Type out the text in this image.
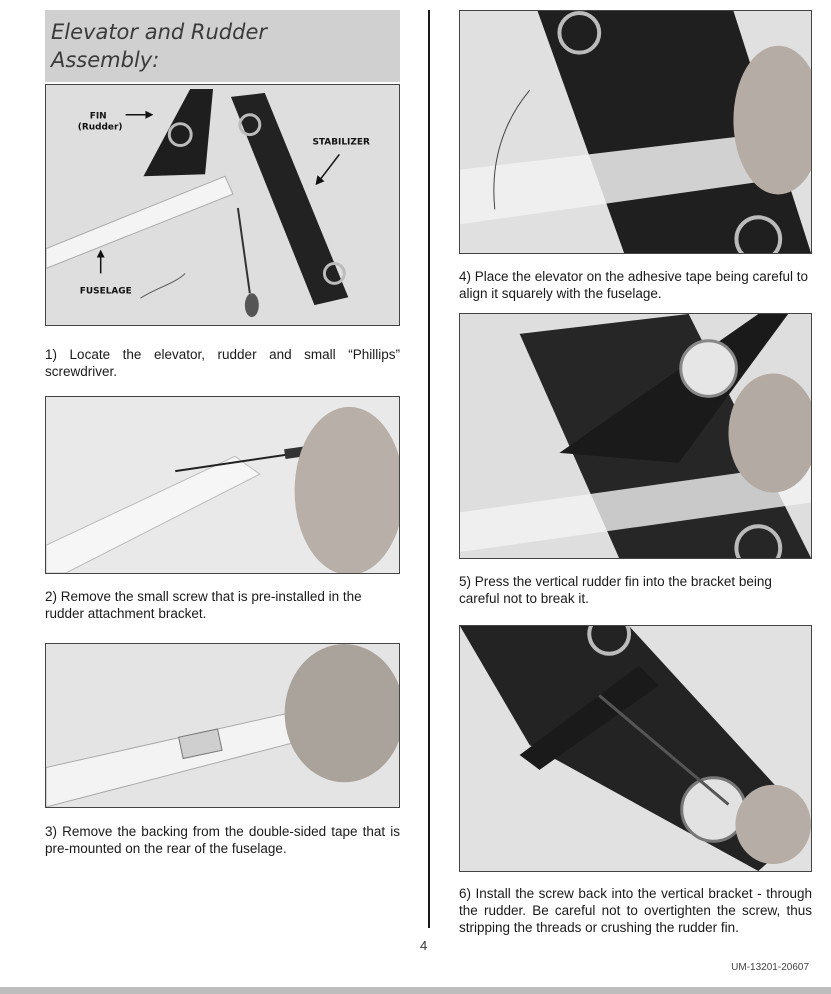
Elevator and Rudder
Assembly:
FIN
(Rudder)
STABILIZER
FUSELAGE
1) Locate the elevator, rudder and small “Phillips” screwdriver.
2) Remove the small screw that is pre-installed in the rudder attachment bracket.
3) Remove the backing from the double-sided tape that is pre-mounted on the rear of the fuselage.
4) Place the elevator on the adhesive tape being careful to align it squarely with the fuselage.
5) Press the vertical rudder fin into the bracket being careful not to break it.
6) Install the screw back into the vertical bracket - through the rudder. Be careful not to overtighten the screw, thus stripping the threads or crushing the rudder fin.
4
UM-13201-20607
